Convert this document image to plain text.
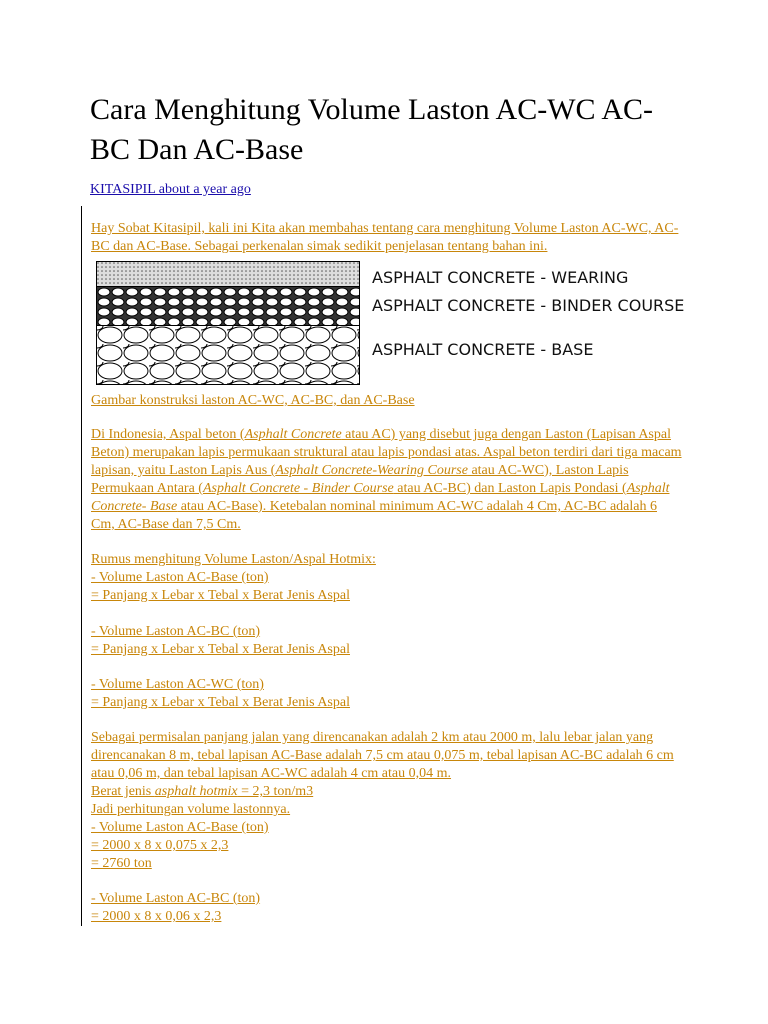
Cara Menghitung Volume Laston AC-WC AC-BC Dan AC-Base
KITASIPIL about a year ago

Hay Sobat Kitasipil, kali ini Kita akan membahas tentang cara menghitung Volume Laston AC-WC, AC-BC dan AC-Base. Sebagai perkenalan simak sedikit penjelasan tentang bahan ini.

ASPHALT CONCRETE - WEARING
ASPHALT CONCRETE - BINDER COURSE
ASPHALT CONCRETE - BASE

Gambar konstruksi laston AC-WC, AC-BC, dan AC-Base

Di Indonesia, Aspal beton (Asphalt Concrete atau AC) yang disebut juga dengan Laston (Lapisan Aspal Beton) merupakan lapis permukaan struktural atau lapis pondasi atas. Aspal beton terdiri dari tiga macam lapisan, yaitu Laston Lapis Aus (Asphalt Concrete-Wearing Course atau AC-WC), Laston Lapis Permukaan Antara (Asphalt Concrete - Binder Course atau AC-BC) dan Laston Lapis Pondasi (Asphalt Concrete- Base atau AC-Base). Ketebalan nominal minimum AC-WC adalah 4 Cm, AC-BC adalah 6 Cm, AC-Base dan 7,5 Cm.

Rumus menghitung Volume Laston/Aspal Hotmix:

- Volume Laston AC-Base (ton)

= Panjang x Lebar x Tebal x Berat Jenis Aspal

- Volume Laston AC-BC (ton)

= Panjang x Lebar x Tebal x Berat Jenis Aspal

- Volume Laston AC-WC (ton)

= Panjang x Lebar x Tebal x Berat Jenis Aspal

Sebagai permisalan panjang jalan yang direncanakan adalah 2 km atau 2000 m, lalu lebar jalan yang direncanakan 8 m, tebal lapisan AC-Base adalah 7,5 cm atau 0,075 m, tebal lapisan AC-BC adalah 6 cm atau 0,06 m, dan tebal lapisan AC-WC adalah 4 cm atau 0,04 m.

Berat jenis asphalt hotmix = 2,3 ton/m3

Jadi perhitungan volume lastonnya.

- Volume Laston AC-Base (ton)

= 2000 x 8 x 0,075 x 2,3

= 2760 ton

- Volume Laston AC-BC (ton)

= 2000 x 8 x 0,06 x 2,3
